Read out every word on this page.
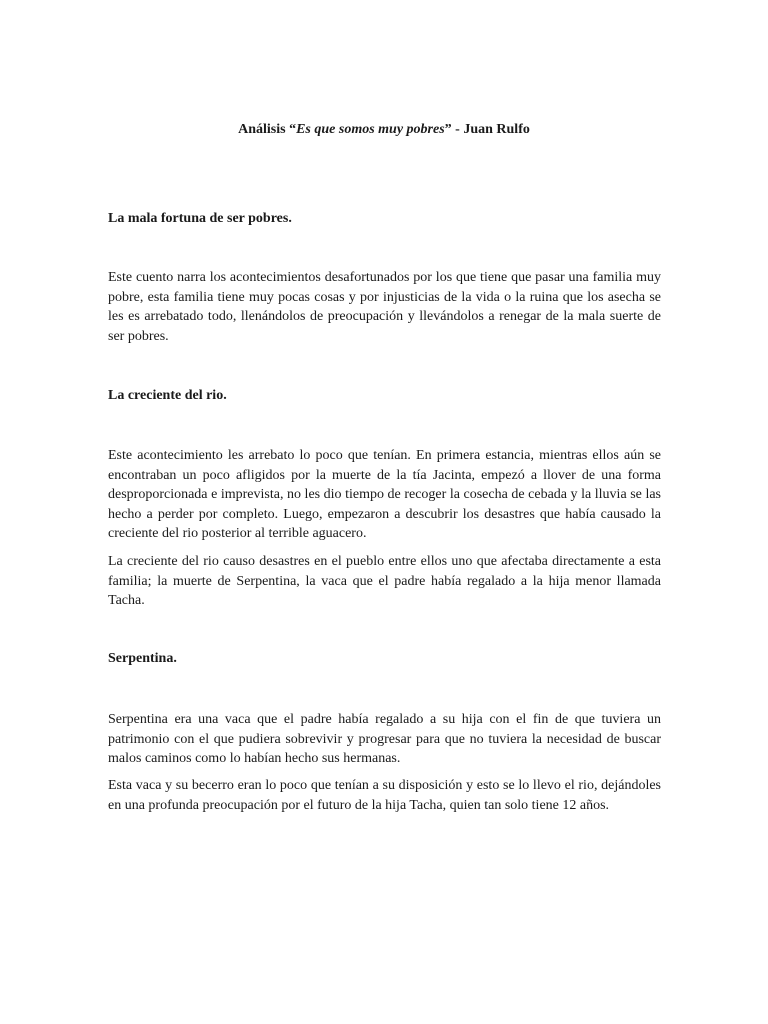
Análisis “Es que somos muy pobres” - Juan Rulfo
La mala fortuna de ser pobres.

Este cuento narra los acontecimientos desafortunados por los que tiene que pasar una familia muy pobre, esta familia tiene muy pocas cosas y por injusticias de la vida o la ruina que los asecha se les es arrebatado todo, llenándolos de preocupación y llevándolos a renegar de la mala suerte de ser pobres.

La creciente del rio.

Este acontecimiento les arrebato lo poco que tenían. En primera estancia, mientras ellos aún se encontraban un poco afligidos por la muerte de la tía Jacinta, empezó a llover de una forma desproporcionada e imprevista, no les dio tiempo de recoger la cosecha de cebada y la lluvia se las hecho a perder por completo. Luego, empezaron a descubrir los desastres que había causado la creciente del rio posterior al terrible aguacero.

La creciente del rio causo desastres en el pueblo entre ellos uno que afectaba directamente a esta familia; la muerte de Serpentina, la vaca que el padre había regalado a la hija menor llamada Tacha.

Serpentina.

Serpentina era una vaca que el padre había regalado a su hija con el fin de que tuviera un patrimonio con el que pudiera sobrevivir y progresar para que no tuviera la necesidad de buscar malos caminos como lo habían hecho sus hermanas.

Esta vaca y su becerro eran lo poco que tenían a su disposición y esto se lo llevo el rio, dejándoles en una profunda preocupación por el futuro de la hija Tacha, quien tan solo tiene 12 años.
